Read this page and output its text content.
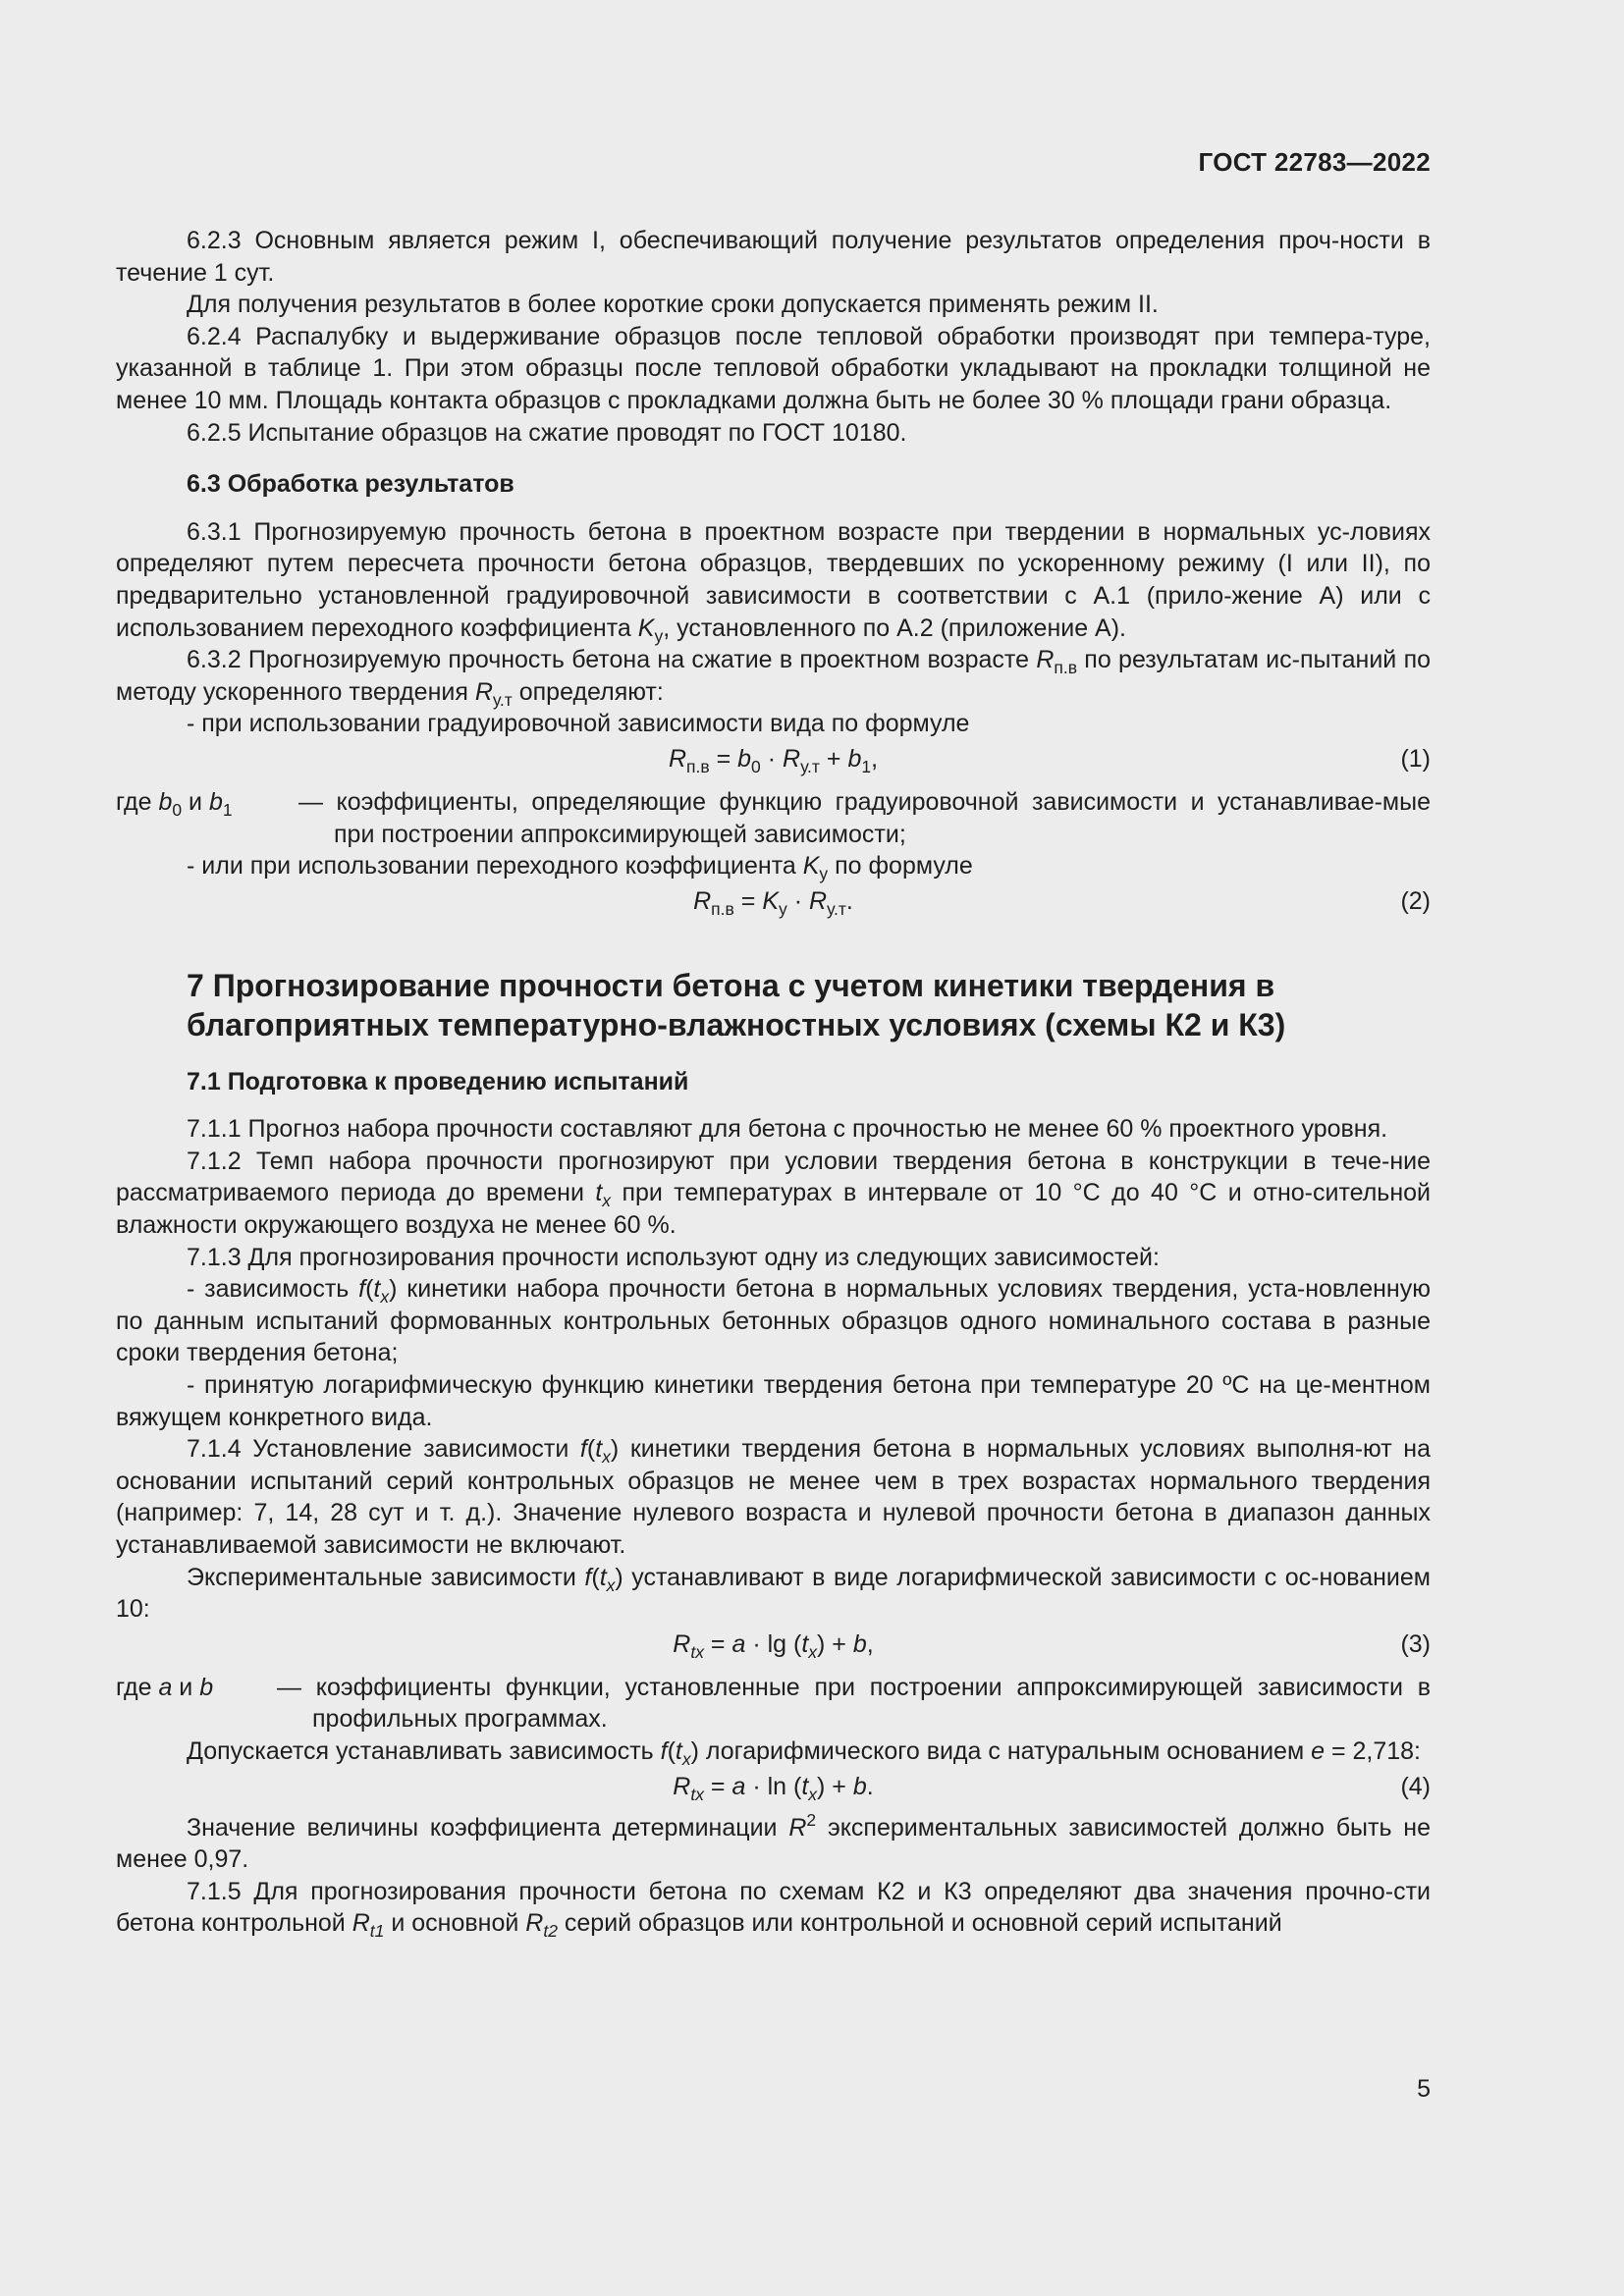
ГОСТ 22783—2022

6.2.3 Основным является режим I, обеспечивающий получение результатов определения проч-ности в течение 1 сут.

Для получения результатов в более короткие сроки допускается применять режим II.

6.2.4 Распалубку и выдерживание образцов после тепловой обработки производят при темпера-туре, указанной в таблице 1. При этом образцы после тепловой обработки укладывают на прокладки толщиной не менее 10 мм. Площадь контакта образцов с прокладками должна быть не более 30 % площади грани образца.

6.2.5 Испытание образцов на сжатие проводят по ГОСТ 10180.

6.3 Обработка результатов

6.3.1 Прогнозируемую прочность бетона в проектном возрасте при твердении в нормальных ус-ловиях определяют путем пересчета прочности бетона образцов, твердевших по ускоренному режиму (I или II), по предварительно установленной градуировочной зависимости в соответствии с А.1 (прило-жение А) или с использованием переходного коэффициента $K_у$, установленного по А.2 (приложение А).

6.3.2 Прогнозируемую прочность бетона на сжатие в проектном возрасте $R_{п.в}$ по результатам ис-пытаний по методу ускоренного твердения $R_{у.т}$ определяют:

- при использовании градуировочной зависимости вида по формуле

$R_{п.в} = b_0 \cdot R_{у.т} + b_1$,	(1)
где $b_0$ и $b_1$	— коэффициенты, определяющие функцию градуировочной зависимости и устанавливае-мые при построении аппроксимирующей зависимости;

- или при использовании переходного коэффициента $K_у$ по формуле

$R_{п.в} = K_у \cdot R_{у.т}$.	(2)
7 Прогнозирование прочности бетона с учетом кинетики твердения в благоприятных температурно-влажностных условиях (схемы К2 и К3)
7.1 Подготовка к проведению испытаний

7.1.1 Прогноз набора прочности составляют для бетона с прочностью не менее 60 % проектного уровня.

7.1.2 Темп набора прочности прогнозируют при условии твердения бетона в конструкции в тече-ние рассматриваемого периода до времени $t_x$ при температурах в интервале от 10 °С до 40 °С и отно-сительной влажности окружающего воздуха не менее 60 %.

7.1.3 Для прогнозирования прочности используют одну из следующих зависимостей:

- зависимость $f(t_x)$ кинетики набора прочности бетона в нормальных условиях твердения, уста-новленную по данным испытаний формованных контрольных бетонных образцов одного номинального состава в разные сроки твердения бетона;

- принятую логарифмическую функцию кинетики твердения бетона при температуре 20 ºС на це-ментном вяжущем конкретного вида.

7.1.4 Установление зависимости $f(t_x)$ кинетики твердения бетона в нормальных условиях выполня-ют на основании испытаний серий контрольных образцов не менее чем в трех возрастах нормального твердения (например: 7, 14, 28 сут и т. д.). Значение нулевого возраста и нулевой прочности бетона в диапазон данных устанавливаемой зависимости не включают.

Экспериментальные зависимости $f(t_x)$ устанавливают в виде логарифмической зависимости с ос-нованием 10:

$R_{tx} = a \cdot \lg (t_x) + b$,	(3)
где a и b	— коэффициенты функции, установленные при построении аппроксимирующей зависимости в профильных программах.

Допускается устанавливать зависимость $f(t_x)$ логарифмического вида с натуральным основанием е = 2,718:

$R_{tx} = a \cdot \ln (t_x) + b$.	(4)

Значение величины коэффициента детерминации $R^2$ экспериментальных зависимостей должно быть не менее 0,97.

7.1.5 Для прогнозирования прочности бетона по схемам К2 и К3 определяют два значения прочно-сти бетона контрольной $R_{t1}$ и основной $R_{t2}$ серий образцов или контрольной и основной серий испытаний

5
